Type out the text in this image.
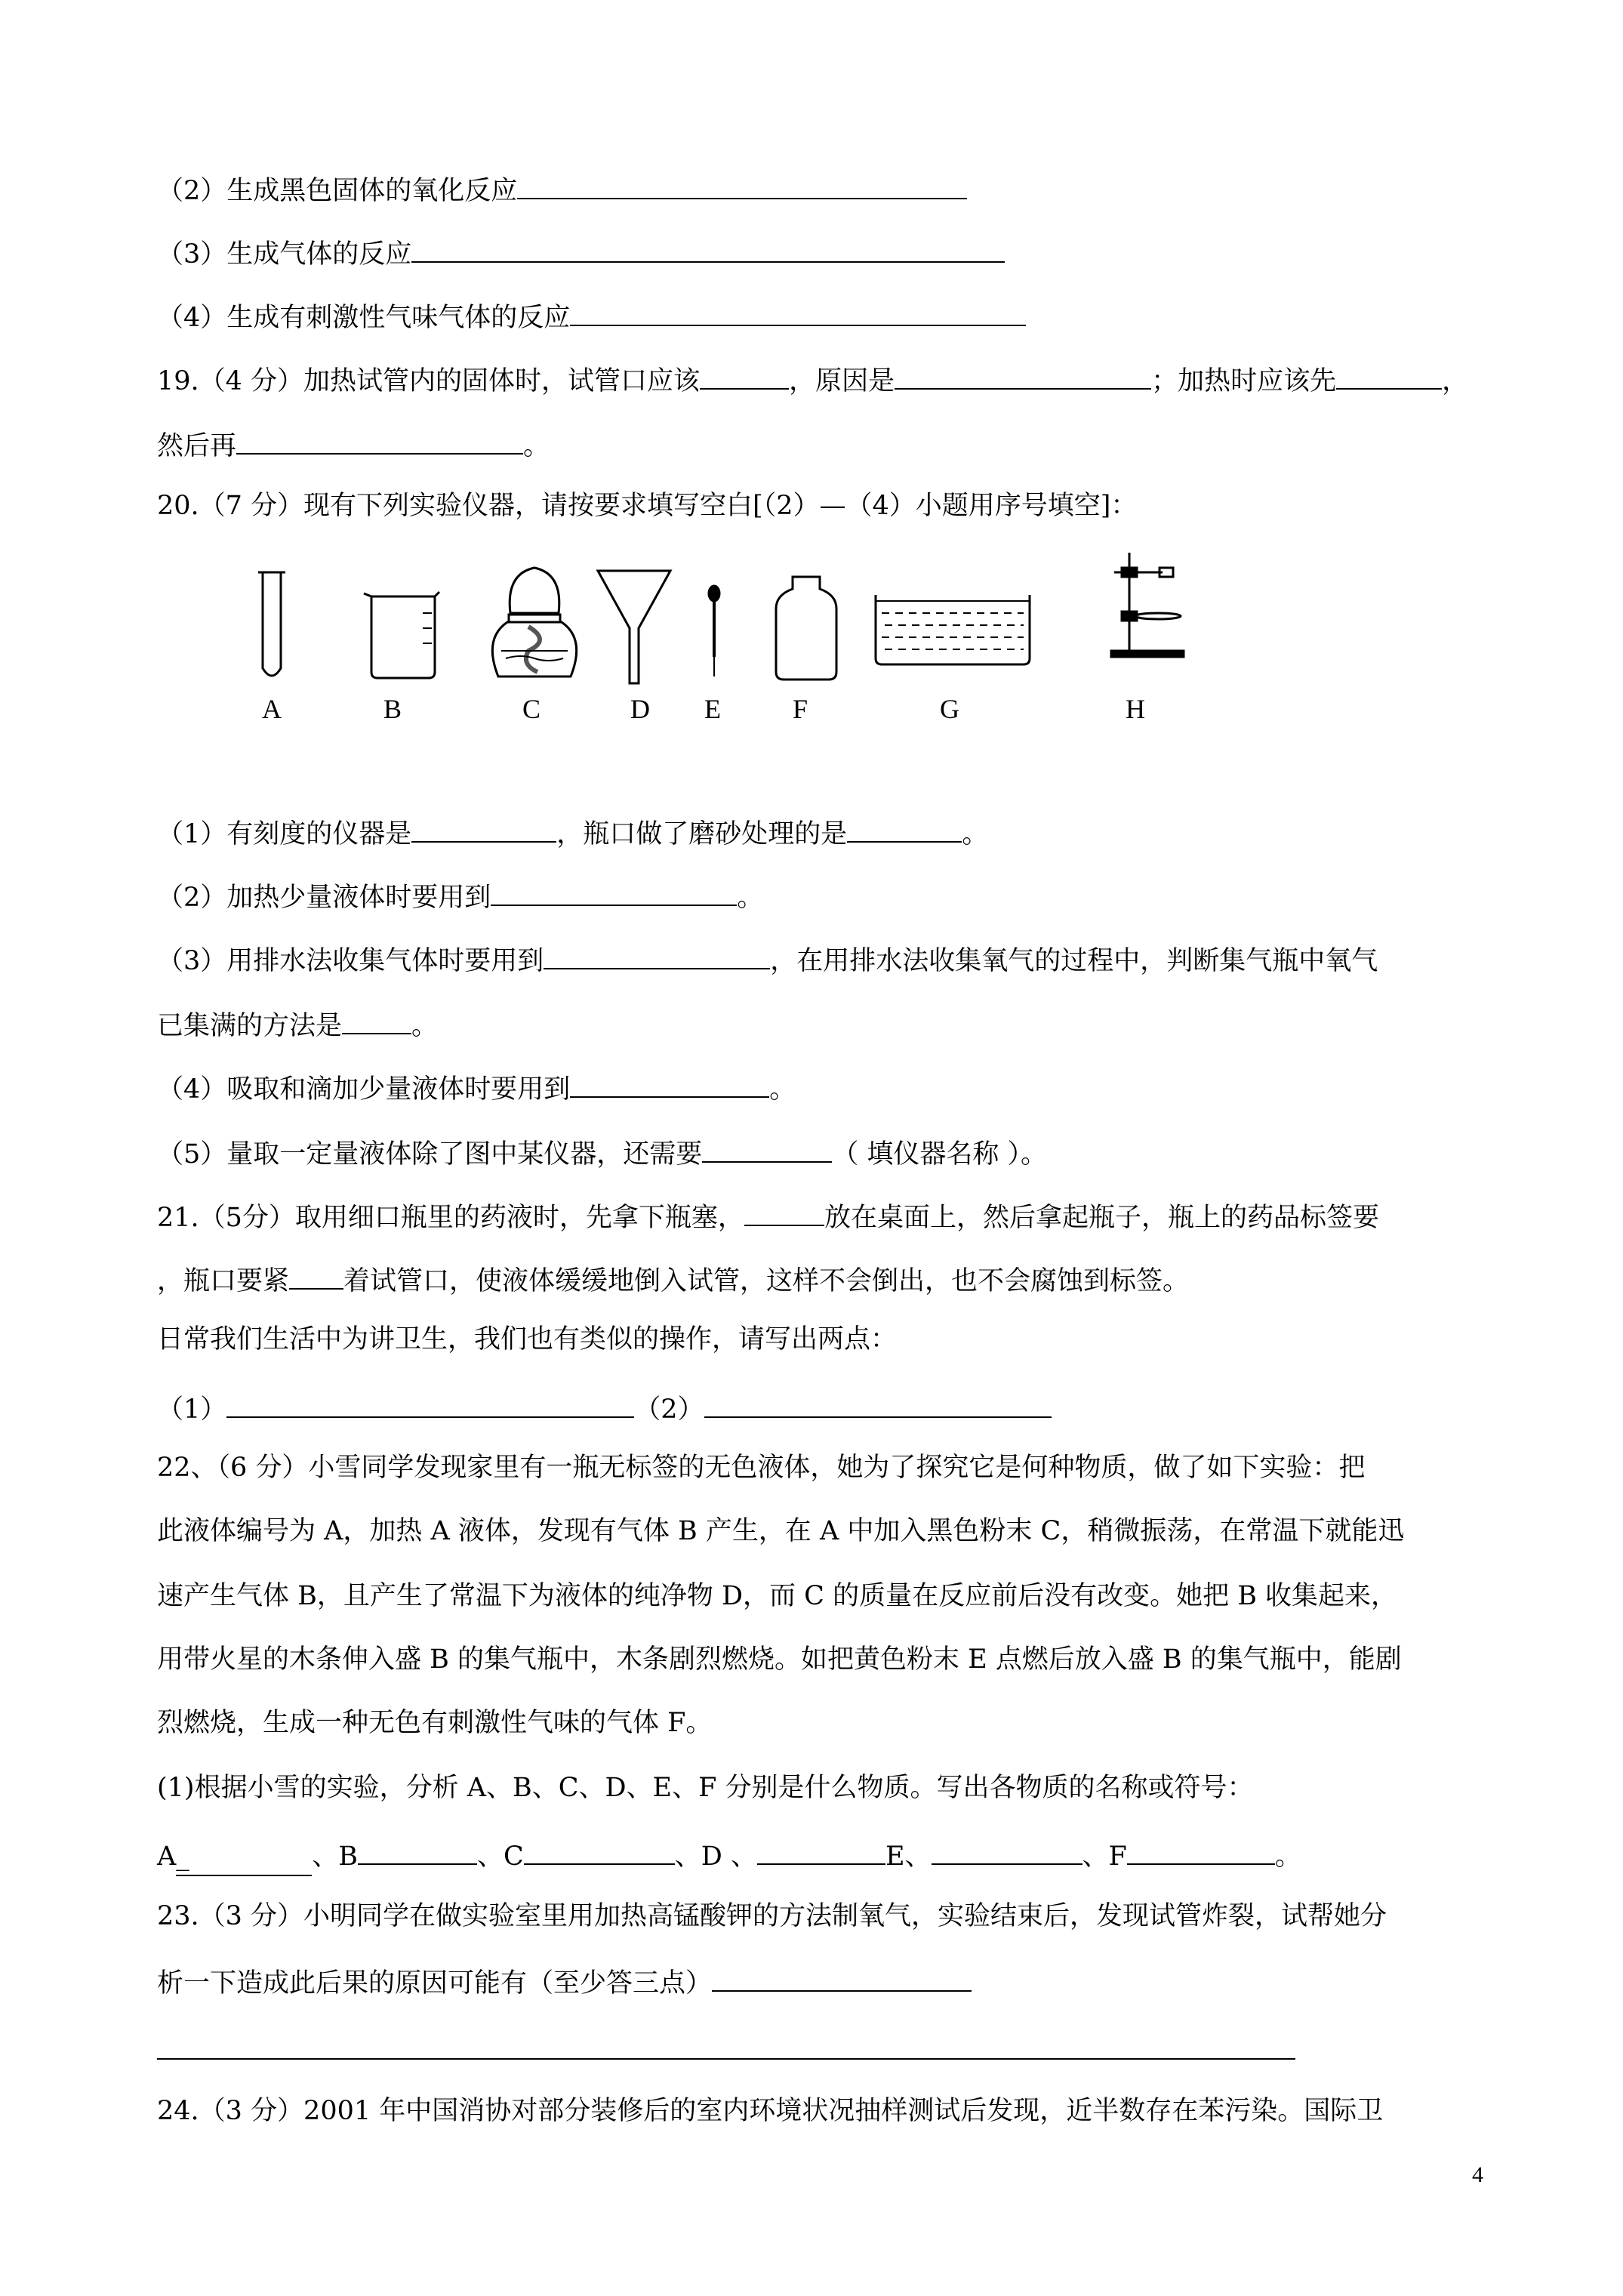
（2）生成黑色固体的氧化反应
（3）生成气体的反应
（4）生成有刺激性气味气体的反应
19.（4 分）加热试管内的固体时，试管口应该	，原因是	；加热时应该先	，
然后再	。
20.（7 分）现有下列实验仪器，请按要求填写空白[（2）—（4）小题用序号填空]：
A	B	C	D	E	F	G	H
（1）有刻度的仪器是	，瓶口做了磨砂处理的是	。
（2）加热少量液体时要用到	。
（3）用排水法收集气体时要用到	，在用排水法收集氧气的过程中，判断集气瓶中氧气
已集满的方法是	。
（4）吸取和滴加少量液体时要用到	。
（5）量取一定量液体除了图中某仪器，还需要	（ 填仪器名称 ）。
21.（5分）取用细口瓶里的药液时，先拿下瓶塞，	放在桌面上，然后拿起瓶子，瓶上的药品标签要
，瓶口要紧 着试管口，使液体缓缓地倒入试管，这样不会倒出，也不会腐蚀到标签。
日常我们生活中为讲卫生，我们也有类似的操作，请写出两点：
（1）	（2）
22、（6 分）小雪同学发现家里有一瓶无标签的无色液体，她为了探究它是何种物质，做了如下实验：把
此液体编号为 A，加热 A 液体，发现有气体 B 产生，在 A 中加入黑色粉末 C，稍微振荡，在常温下就能迅
速产生气体 B，且产生了常温下为液体的纯净物 D，而 C 的质量在反应前后没有改变。她把 B 收集起来，
用带火星的木条伸入盛 B 的集气瓶中，木条剧烈燃烧。如把黄色粉末 E 点燃后放入盛 B 的集气瓶中，能剧
烈燃烧，生成一种无色有刺激性气味的气体 F。
(1)根据小雪的实验，分析 A、B、C、D、E、F 分别是什么物质。写出各物质的名称或符号：
A_	、B	、C	、D 、	E、	、F	。
23.（3 分）小明同学在做实验室里用加热高锰酸钾的方法制氧气，实验结束后，发现试管炸裂，试帮她分
析一下造成此后果的原因可能有（至少答三点）
24.（3 分）2001 年中国消协对部分装修后的室内环境状况抽样测试后发现，近半数存在苯污染。国际卫
4
